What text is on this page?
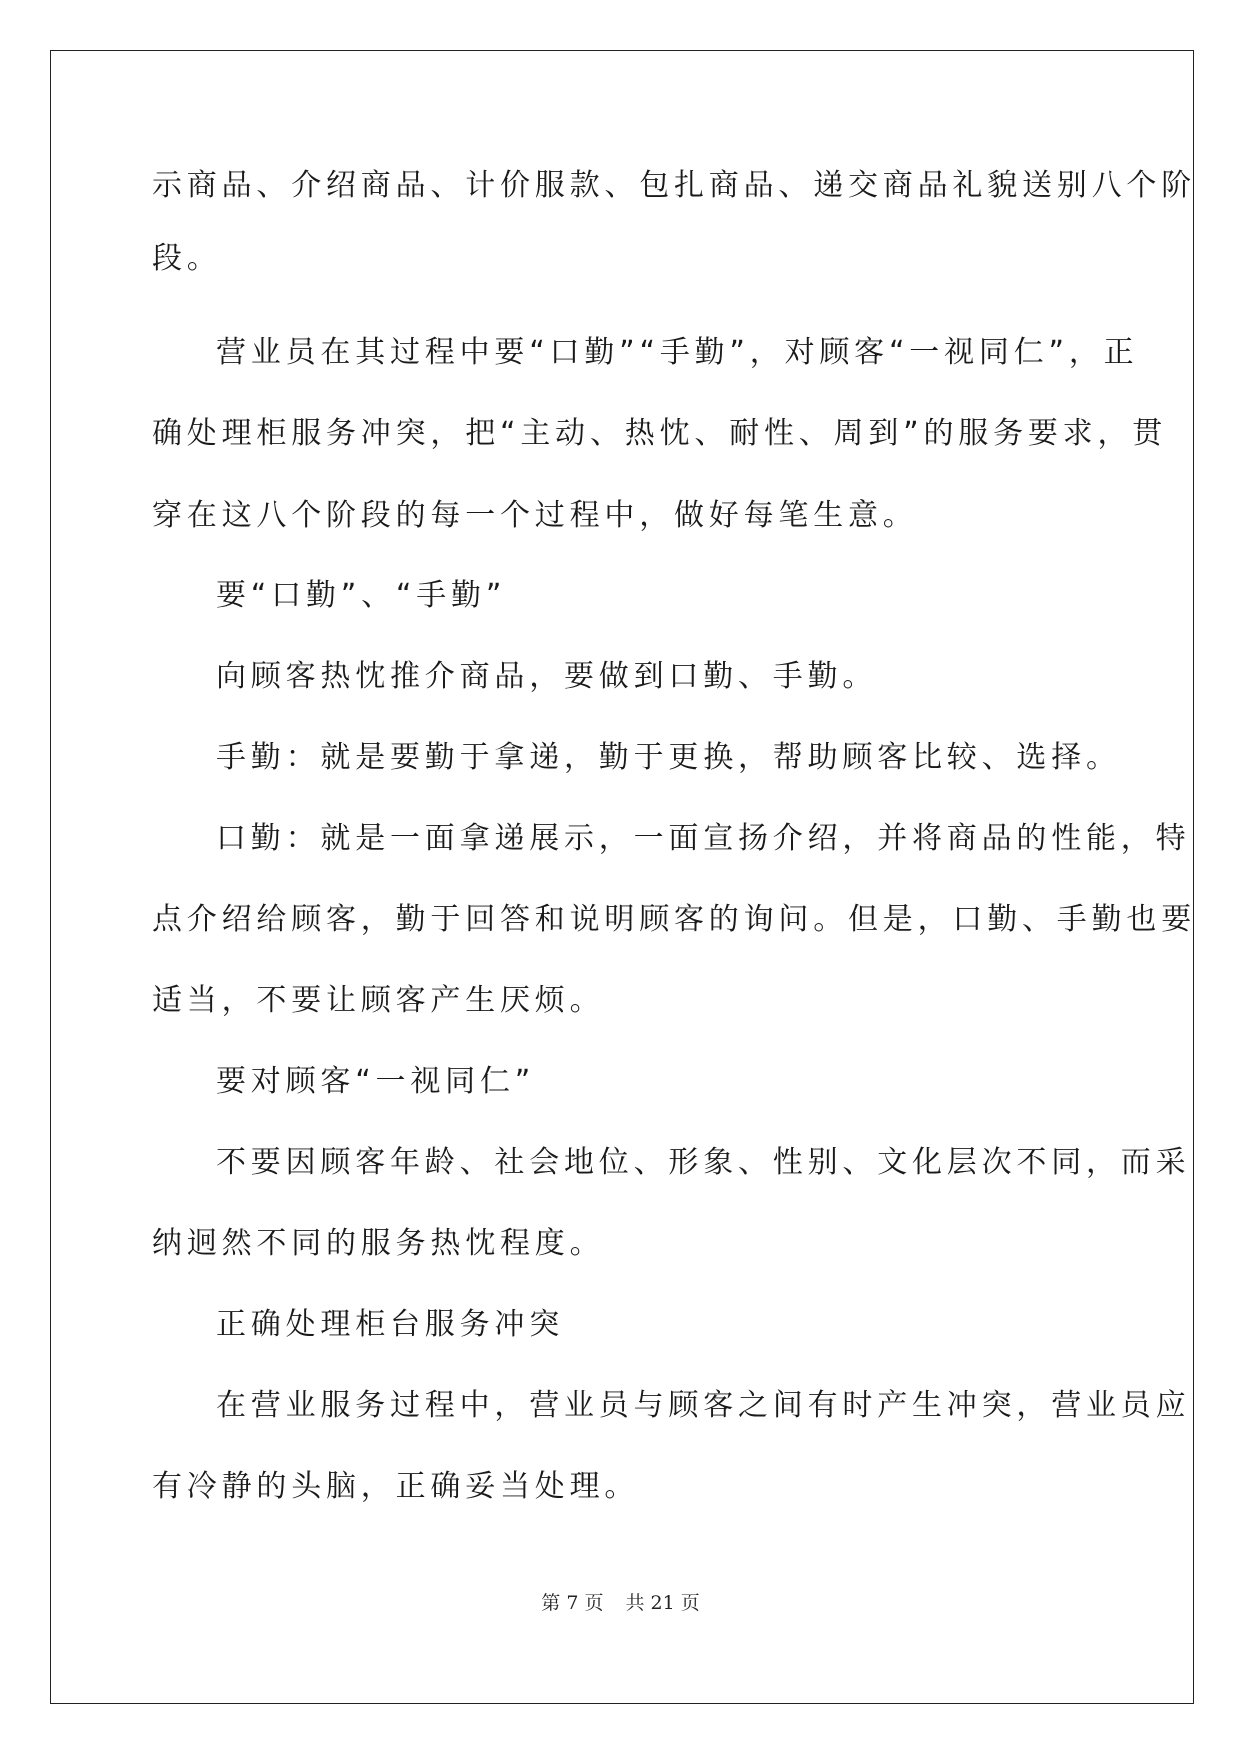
示商品、介绍商品、计价服款、包扎商品、递交商品礼貌送别八个阶
段。
营业员在其过程中要“口勤”“手勤”，对顾客“一视同仁”，正
确处理柜服务冲突，把“主动、热忱、耐性、周到”的服务要求，贯
穿在这八个阶段的每一个过程中，做好每笔生意。
要“口勤”、“手勤”
向顾客热忱推介商品，要做到口勤、手勤。
手勤：就是要勤于拿递，勤于更换，帮助顾客比较、选择。
口勤：就是一面拿递展示，一面宣扬介绍，并将商品的性能，特
点介绍给顾客，勤于回答和说明顾客的询问。但是，口勤、手勤也要
适当，不要让顾客产生厌烦。
要对顾客“一视同仁”
不要因顾客年龄、社会地位、形象、性别、文化层次不同，而采
纳迥然不同的服务热忱程度。
正确处理柜台服务冲突
在营业服务过程中，营业员与顾客之间有时产生冲突，营业员应
有冷静的头脑，正确妥当处理。
第 7 页 共 21 页
